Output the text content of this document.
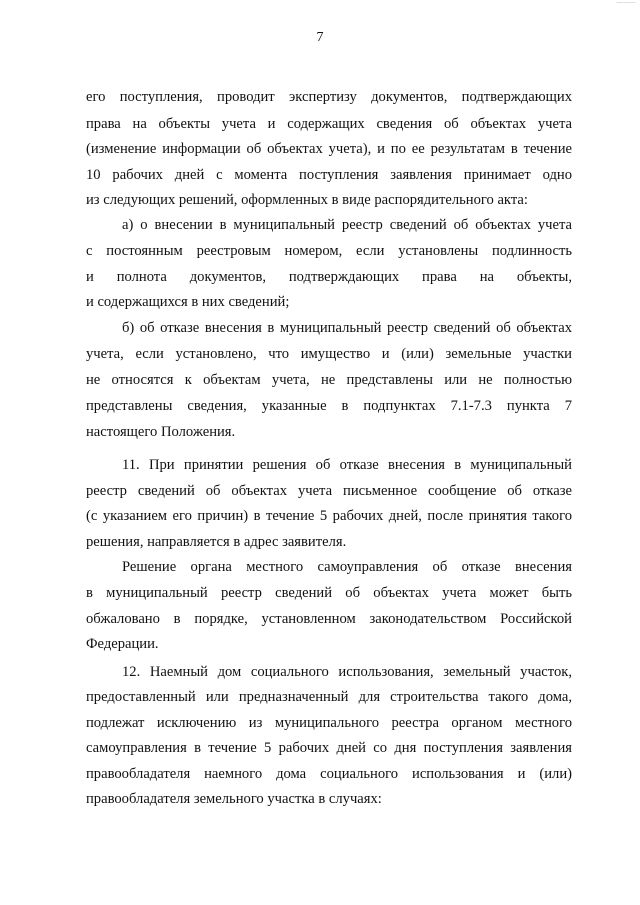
———
7
его поступления, проводит экспертизу документов, подтверждающих
права на объекты учета и содержащих сведения об объектах учета
(изменение информации об объектах учета), и по ее результатам в течение
10 рабочих дней с момента поступления заявления принимает одно
из следующих решений, оформленных в виде распорядительного акта:
а) о внесении в муниципальный реестр сведений об объектах учета
с постоянным реестровым номером, если установлены подлинность
и полнота документов, подтверждающих права на объекты,
и содержащихся в них сведений;
б) об отказе внесения в муниципальный реестр сведений об объектах
учета, если установлено, что имущество и (или) земельные участки
не относятся к объектам учета, не представлены или не полностью
представлены сведения, указанные в подпунктах 7.1-7.3 пункта 7
настоящего Положения.
11. При принятии решения об отказе внесения в муниципальный
реестр сведений об объектах учета письменное сообщение об отказе
(с указанием его причин) в течение 5 рабочих дней, после принятия такого
решения, направляется в адрес заявителя.
Решение органа местного самоуправления об отказе внесения
в муниципальный реестр сведений об объектах учета может быть
обжаловано в порядке, установленном законодательством Российской
Федерации.
12. Наемный дом социального использования, земельный участок,
предоставленный или предназначенный для строительства такого дома,
подлежат исключению из муниципального реестра органом местного
самоуправления в течение 5 рабочих дней со дня поступления заявления
правообладателя наемного дома социального использования и (или)
правообладателя земельного участка в случаях:
